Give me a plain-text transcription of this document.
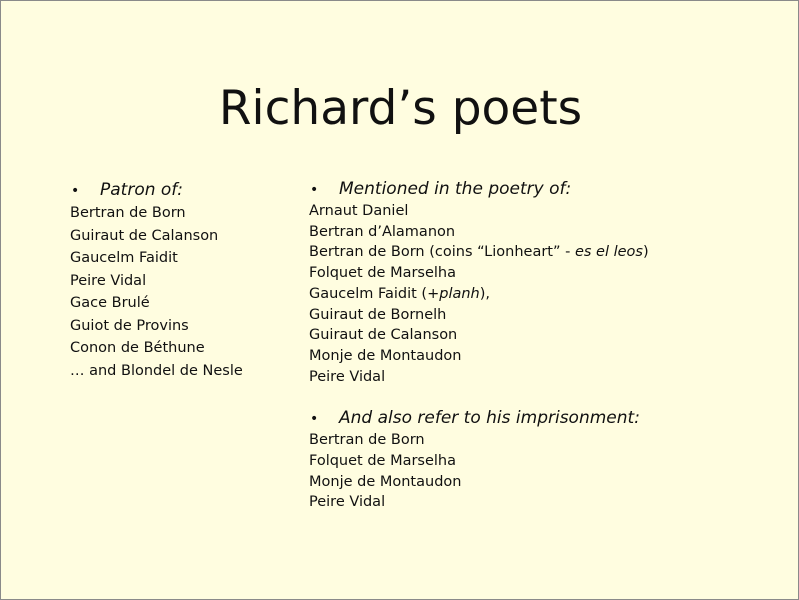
Richard’s poets
• Patron of:
Bertran de Born
Guiraut de Calanson
Gaucelm Faidit
Peire Vidal
Gace Brulé
Guiot de Provins
Conon de Béthune
… and Blondel de Nesle
• Mentioned in the poetry of:
Arnaut Daniel
Bertran d’Alamanon
Bertran de Born (coins “Lionheart” - es el leos)
Folquet de Marselha
Gaucelm Faidit (+planh),
Guiraut de Bornelh
Guiraut de Calanson
Monje de Montaudon
Peire Vidal
• And also refer to his imprisonment:
Bertran de Born
Folquet de Marselha
Monje de Montaudon
Peire Vidal
